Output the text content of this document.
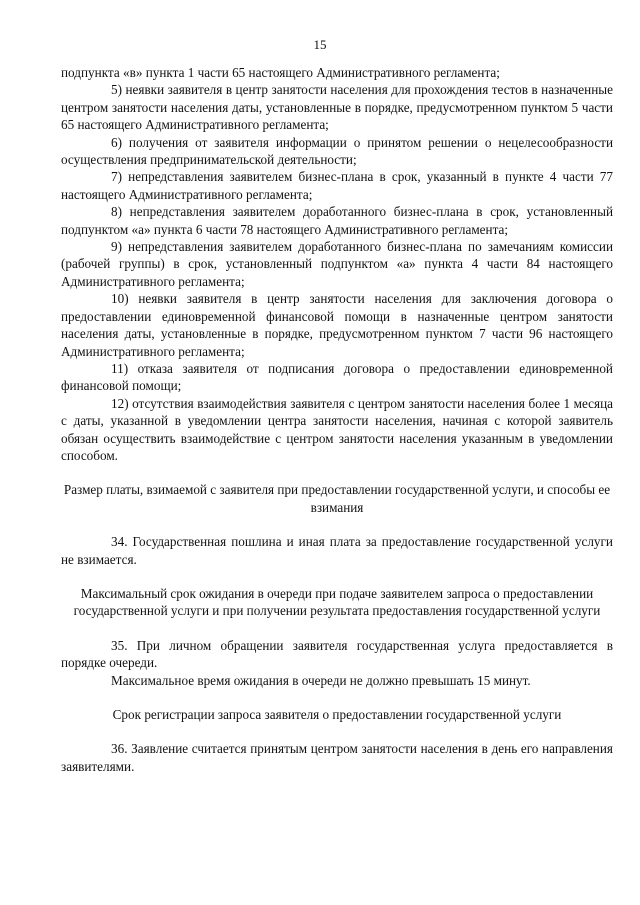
15

подпункта «в» пункта 1 части 65 настоящего Административного регламента;

5) неявки заявителя в центр занятости населения для прохождения тестов в назначенные центром занятости населения даты, установленные в порядке, предусмотренном пунктом 5 части 65 настоящего Административного регламента;

6) получения от заявителя информации о принятом решении о нецелесообразности осуществления предпринимательской деятельности;

7) непредставления заявителем бизнес-плана в срок, указанный в пункте 4 части 77 настоящего Административного регламента;

8) непредставления заявителем доработанного бизнес-плана в срок, установленный подпунктом «а» пункта 6 части 78 настоящего Административного регламента;

9) непредставления заявителем доработанного бизнес-плана по замечаниям комиссии (рабочей группы) в срок, установленный подпунктом «а» пункта 4 части 84 настоящего Административного регламента;

10) неявки заявителя в центр занятости населения для заключения договора о предоставлении единовременной финансовой помощи в назначенные центром занятости населения даты, установленные в порядке, предусмотренном пунктом 7 части 96 настоящего Административного регламента;

11) отказа заявителя от подписания договора о предоставлении единовременной финансовой помощи;

12) отсутствия взаимодействия заявителя с центром занятости населения более 1 месяца с даты, указанной в уведомлении центра занятости населения, начиная с которой заявитель обязан осуществить взаимодействие с центром занятости населения указанным в уведомлении способом.

Размер платы, взимаемой с заявителя при предоставлении государственной услуги, и способы ее взимания

34. Государственная пошлина и иная плата за предоставление государственной услуги не взимается.

Максимальный срок ожидания в очереди при подаче заявителем запроса о предоставлении государственной услуги и при получении результата предоставления государственной услуги

35. При личном обращении заявителя государственная услуга предоставляется в порядке очереди.

Максимальное время ожидания в очереди не должно превышать 15 минут.

Срок регистрации запроса заявителя о предоставлении государственной услуги

36. Заявление считается принятым центром занятости населения в день его направления заявителями.
